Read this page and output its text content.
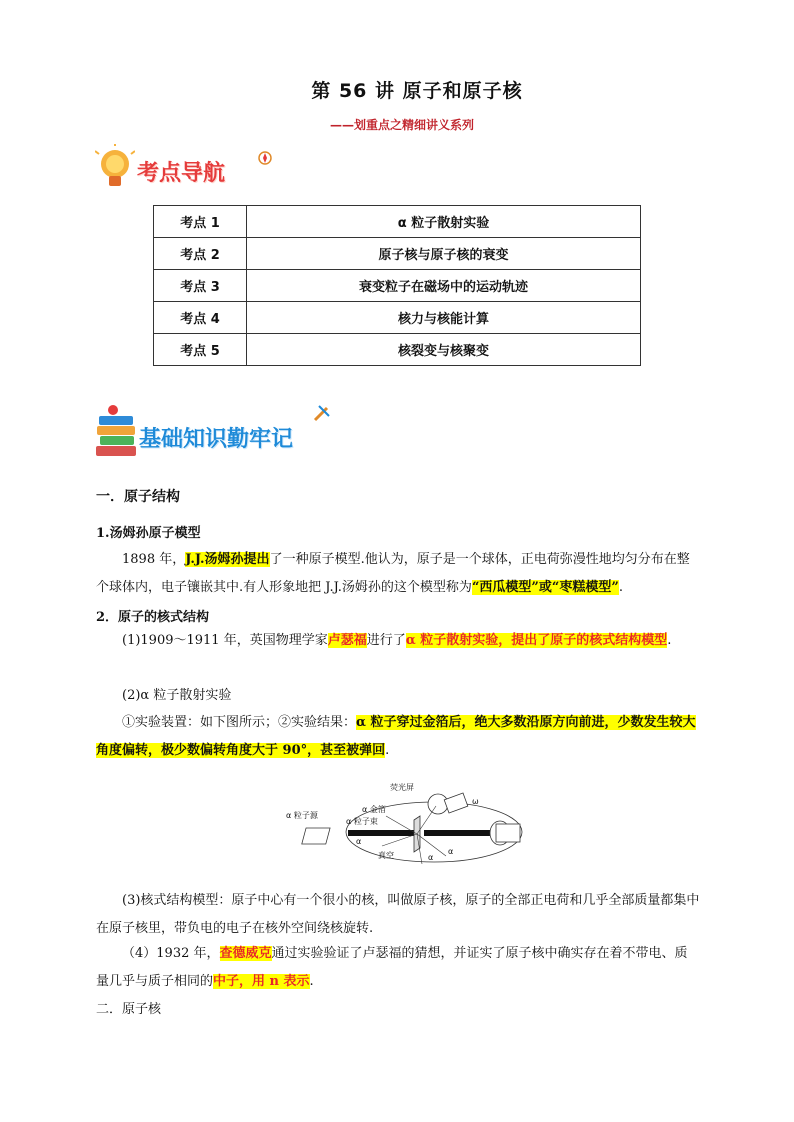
第 56 讲 原子和原子核
——划重点之精细讲义系列
考点导航
考点 1	α 粒子散射实验
考点 2	原子核与原子核的衰变
考点 3	衰变粒子在磁场中的运动轨迹
考点 4	核力与核能计算
考点 5	核裂变与核聚变
基础知识勤牢记
一．原子结构
1.汤姆孙原子模型
1898 年，J.J.汤姆孙提出了一种原子模型.他认为，原子是一个球体，正电荷弥漫性地均匀分布在整个球体内，电子镶嵌其中.有人形象地把 J.J.汤姆孙的这个模型称为“西瓜模型”或“枣糕模型”.
2．原子的核式结构
(1)1909～1911 年，英国物理学家卢瑟福进行了α 粒子散射实验，提出了原子的核式结构模型.
(2)α 粒子散射实验
①实验装置：如下图所示；②实验结果：α 粒子穿过金箔后，绝大多数沿原方向前进，少数发生较大角度偏转，极少数偏转角度大于 90°，甚至被弹回.
α 粒子源
α 粒子束
α 金箔
荧光屏
真空
ω
α
α
α
(3)核式结构模型：原子中心有一个很小的核，叫做原子核，原子的全部正电荷和几乎全部质量都集中在原子核里，带负电的电子在核外空间绕核旋转.
（4）1932 年，查德威克通过实验验证了卢瑟福的猜想，并证实了原子核中确实存在着不带电、质量几乎与质子相同的中子，用 n 表示.
二．原子核
